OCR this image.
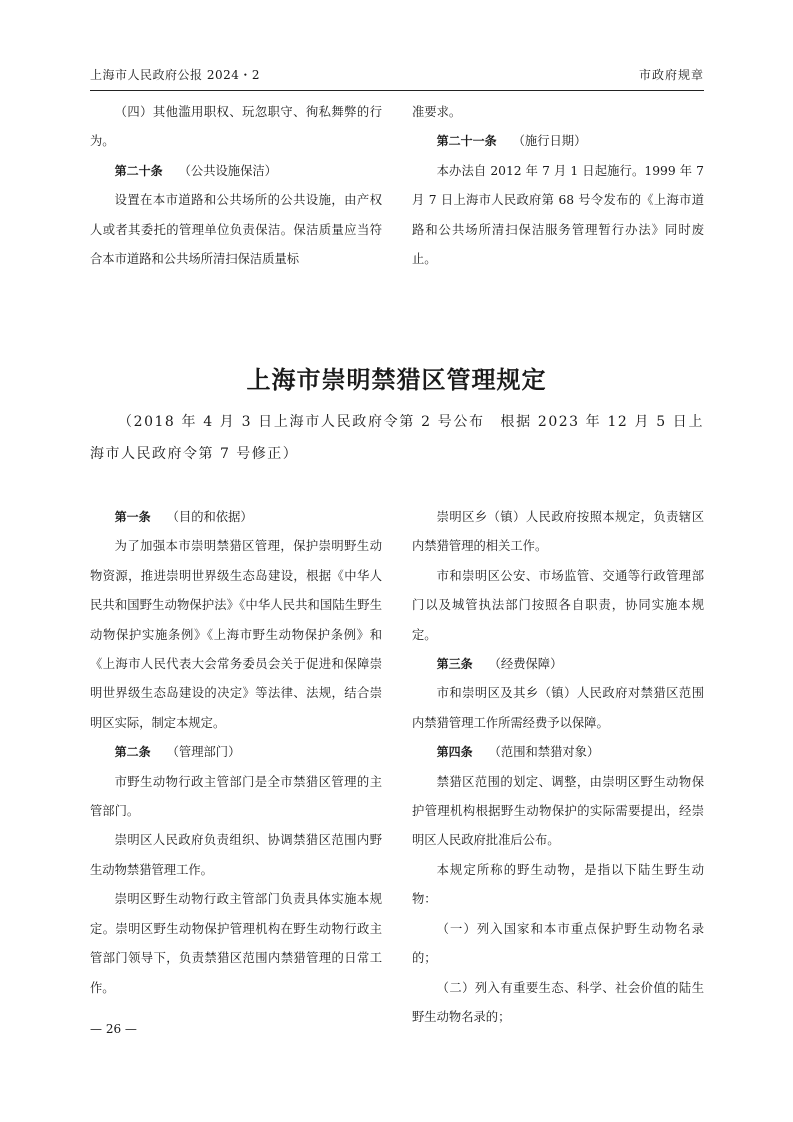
上海市人民政府公报 2024・2	市政府规章

（四）其他滥用职权、玩忽职守、徇私舞弊的行为。

第二十条 （公共设施保洁）

设置在本市道路和公共场所的公共设施，由产权人或者其委托的管理单位负责保洁。保洁质量应当符合本市道路和公共场所清扫保洁质量标

准要求。

第二十一条 （施行日期）

本办法自 2012 年 7 月 1 日起施行。1999 年 7 月 7 日上海市人民政府第 68 号令发布的《上海市道路和公共场所清扫保洁服务管理暂行办法》同时废止。

上海市崇明禁猎区管理规定
（2018 年 4 月 3 日上海市人民政府令第 2 号公布　根据 2023 年 12 月 5 日上海市人民政府令第 7 号修正）

第一条 （目的和依据）

为了加强本市崇明禁猎区管理，保护崇明野生动物资源，推进崇明世界级生态岛建设，根据《中华人民共和国野生动物保护法》《中华人民共和国陆生野生动物保护实施条例》《上海市野生动物保护条例》和《上海市人民代表大会常务委员会关于促进和保障崇明世界级生态岛建设的决定》等法律、法规，结合崇明区实际，制定本规定。

第二条 （管理部门）

市野生动物行政主管部门是全市禁猎区管理的主管部门。

崇明区人民政府负责组织、协调禁猎区范围内野生动物禁猎管理工作。

崇明区野生动物行政主管部门负责具体实施本规定。崇明区野生动物保护管理机构在野生动物行政主管部门领导下，负责禁猎区范围内禁猎管理的日常工作。

崇明区乡（镇）人民政府按照本规定，负责辖区内禁猎管理的相关工作。

市和崇明区公安、市场监管、交通等行政管理部门以及城管执法部门按照各自职责，协同实施本规定。

第三条 （经费保障）

市和崇明区及其乡（镇）人民政府对禁猎区范围内禁猎管理工作所需经费予以保障。

第四条 （范围和禁猎对象）

禁猎区范围的划定、调整，由崇明区野生动物保护管理机构根据野生动物保护的实际需要提出，经崇明区人民政府批准后公布。

本规定所称的野生动物，是指以下陆生野生动物：

（一）列入国家和本市重点保护野生动物名录的；

（二）列入有重要生态、科学、社会价值的陆生野生动物名录的；

— 26 —
